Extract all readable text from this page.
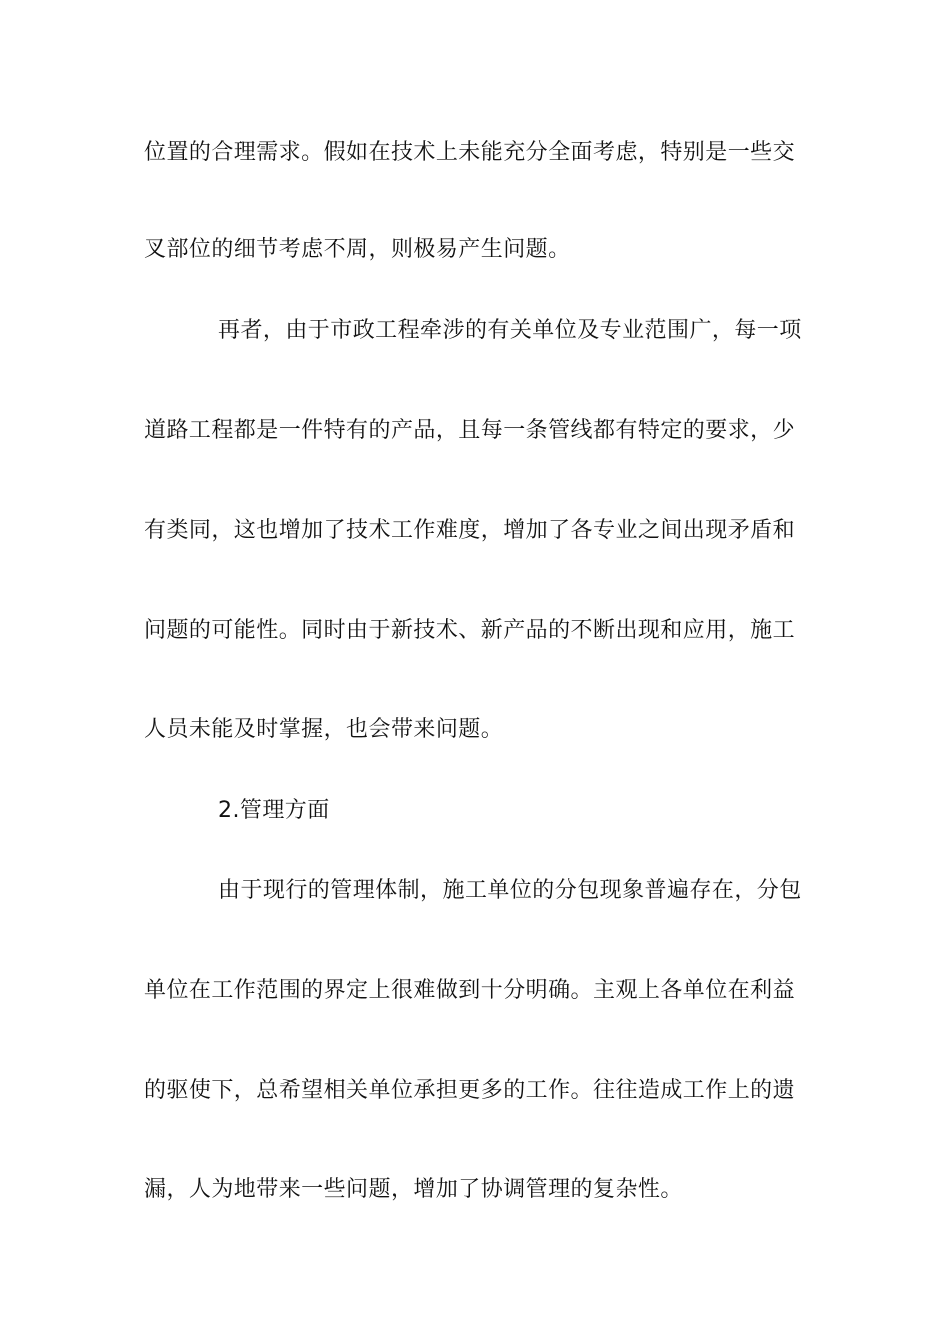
位置的合理需求。假如在技术上未能充分全面考虑，特别是一些交
叉部位的细节考虑不周，则极易产生问题。
再者，由于市政工程牵涉的有关单位及专业范围广，每一项
道路工程都是一件特有的产品，且每一条管线都有特定的要求，少
有类同，这也增加了技术工作难度，增加了各专业之间出现矛盾和
问题的可能性。同时由于新技术、新产品的不断出现和应用，施工
人员未能及时掌握，也会带来问题。
2.管理方面
由于现行的管理体制，施工单位的分包现象普遍存在，分包
单位在工作范围的界定上很难做到十分明确。主观上各单位在利益
的驱使下，总希望相关单位承担更多的工作。往往造成工作上的遗
漏，人为地带来一些问题，增加了协调管理的复杂性。
